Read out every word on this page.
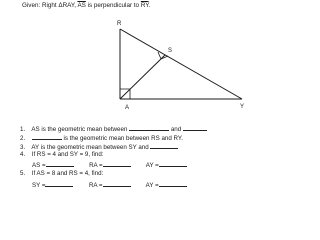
Given: Right ΔRAY, $\overline{AS}$ is perpendicular to $\overline{RY}$.
R
S
A	Y
1. AS is the geometric mean between	and
2.	is the geometric mean between RS and RY.
3. AY is the geometric mean between SY and
4. If RS = 4 and SY = 9, find:
AS =	RA =	AY =
5. If AS = 8 and RS = 4, find:
SY =	RA =	AY =
